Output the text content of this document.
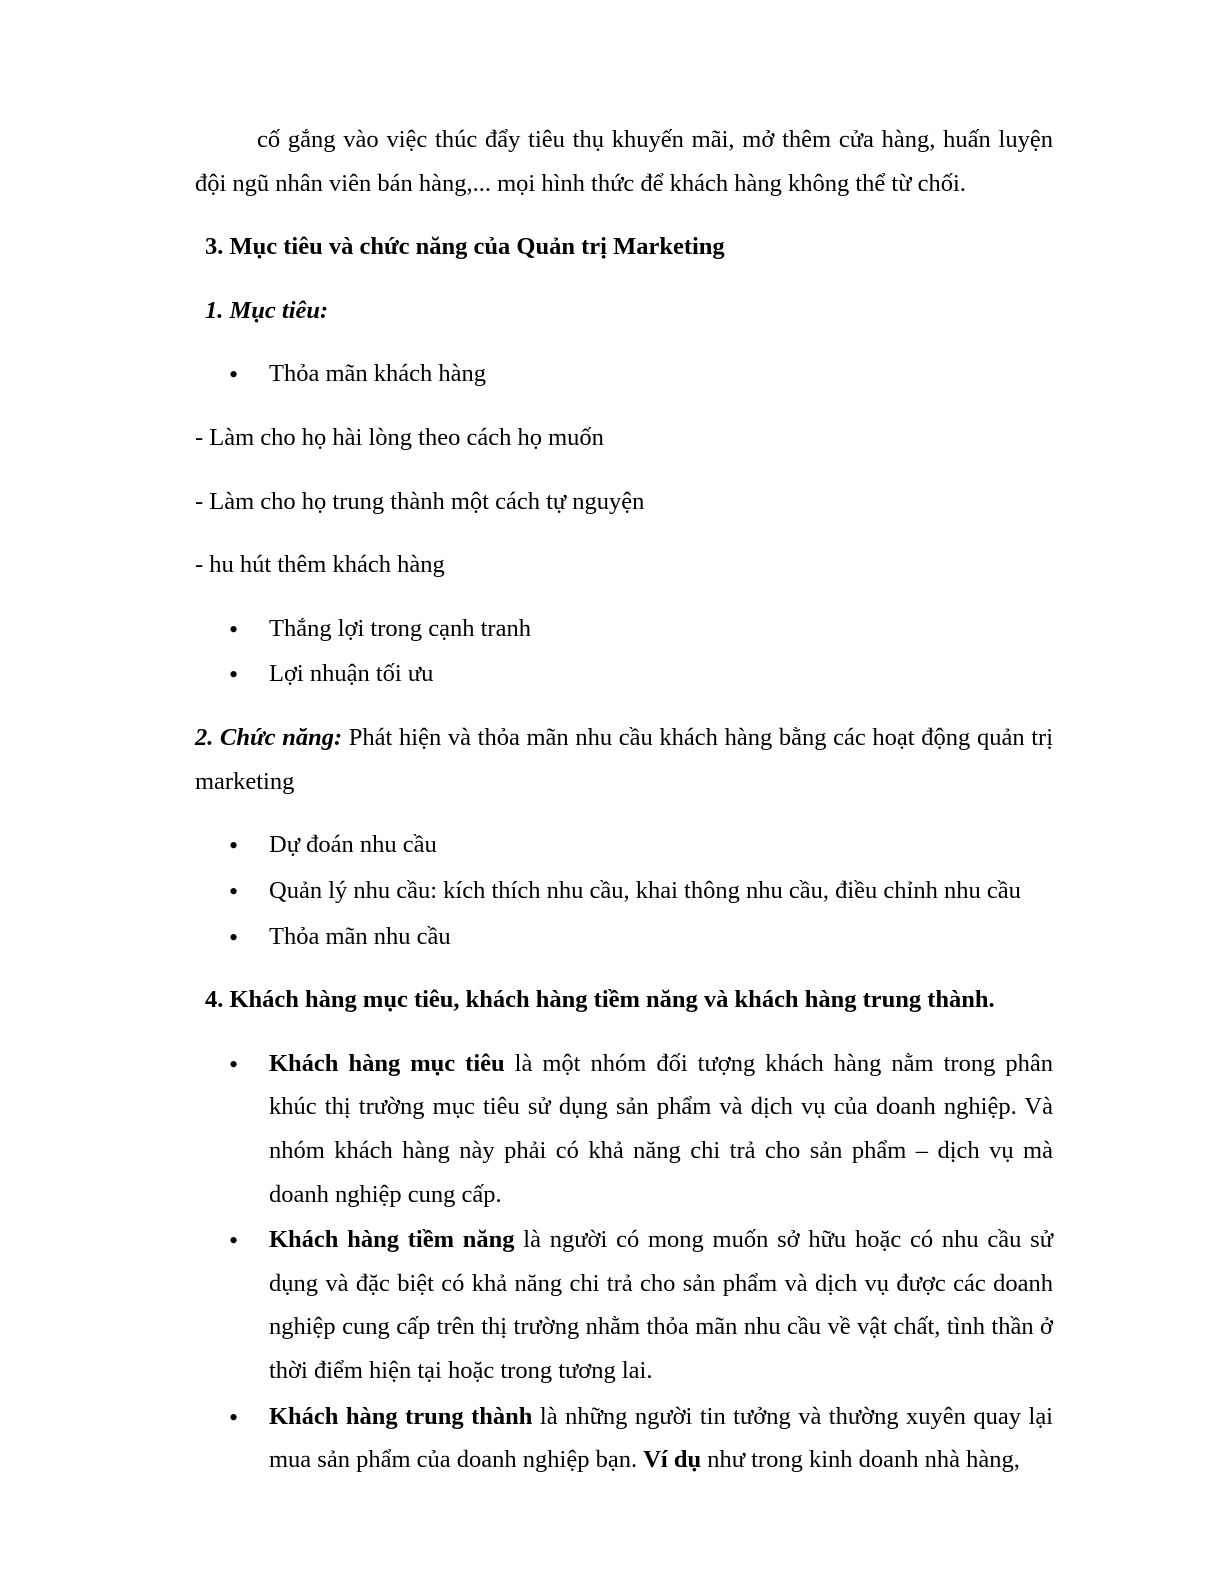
cố gắng vào việc thúc đẩy tiêu thụ khuyến mãi, mở thêm cửa hàng, huấn luyện đội ngũ nhân viên bán hàng,... mọi hình thức để khách hàng không thể từ chối.

3. Mục tiêu và chức năng của Quản trị Marketing

1. Mục tiêu:

• Thỏa mãn khách hàng

- Làm cho họ hài lòng theo cách họ muốn

- Làm cho họ trung thành một cách tự nguyện

- hu hút thêm khách hàng

• Thắng lợi trong cạnh tranh
• Lợi nhuận tối ưu

2. Chức năng: Phát hiện và thỏa mãn nhu cầu khách hàng bằng các hoạt động quản trị marketing

• Dự đoán nhu cầu
• Quản lý nhu cầu: kích thích nhu cầu, khai thông nhu cầu, điều chỉnh nhu cầu
• Thỏa mãn nhu cầu

4. Khách hàng mục tiêu, khách hàng tiềm năng và khách hàng trung thành.

• Khách hàng mục tiêu là một nhóm đối tượng khách hàng nằm trong phân khúc thị trường mục tiêu sử dụng sản phẩm và dịch vụ của doanh nghiệp. Và nhóm khách hàng này phải có khả năng chi trả cho sản phẩm – dịch vụ mà doanh nghiệp cung cấp.
• Khách hàng tiềm năng là người có mong muốn sở hữu hoặc có nhu cầu sử dụng và đặc biệt có khả năng chi trả cho sản phẩm và dịch vụ được các doanh nghiệp cung cấp trên thị trường nhằm thỏa mãn nhu cầu về vật chất, tình thần ở thời điểm hiện tại hoặc trong tương lai.
• Khách hàng trung thành là những người tin tưởng và thường xuyên quay lại mua sản phẩm của doanh nghiệp bạn. Ví dụ như trong kinh doanh nhà hàng,
